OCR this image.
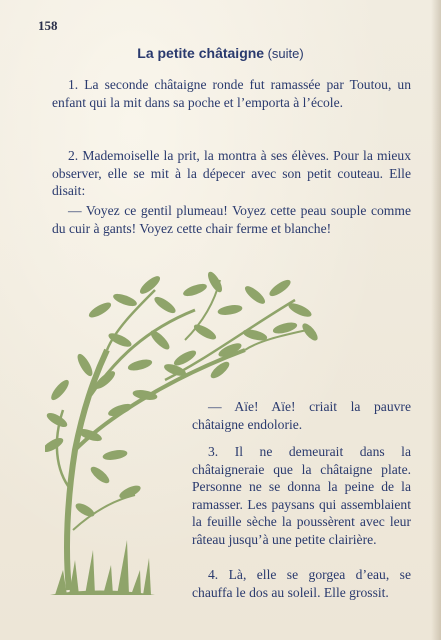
158
La petite châtaigne (suite)

1. La seconde châtaigne ronde fut ramassée par Toutou, un enfant qui la mit dans sa poche et l’emporta à l’école.

2. Mademoiselle la prit, la montra à ses élèves. Pour la mieux observer, elle se mit à la dépecer avec son petit couteau. Elle disait:

— Voyez ce gentil plumeau! Voyez cette peau souple comme du cuir à gants! Voyez cette chair ferme et blanche!

— Aïe! Aïe! criait la pauvre châtaigne endolorie.

3. Il ne demeurait dans la châtaigneraie que la châtaigne plate. Personne ne se donna la peine de la ramasser. Les paysans qui assemblaient la feuille sèche la poussèrent avec leur râteau jusqu’à une petite clairière.

4. Là, elle se gorgea d’eau, se chauffa le dos au soleil. Elle grossit.
